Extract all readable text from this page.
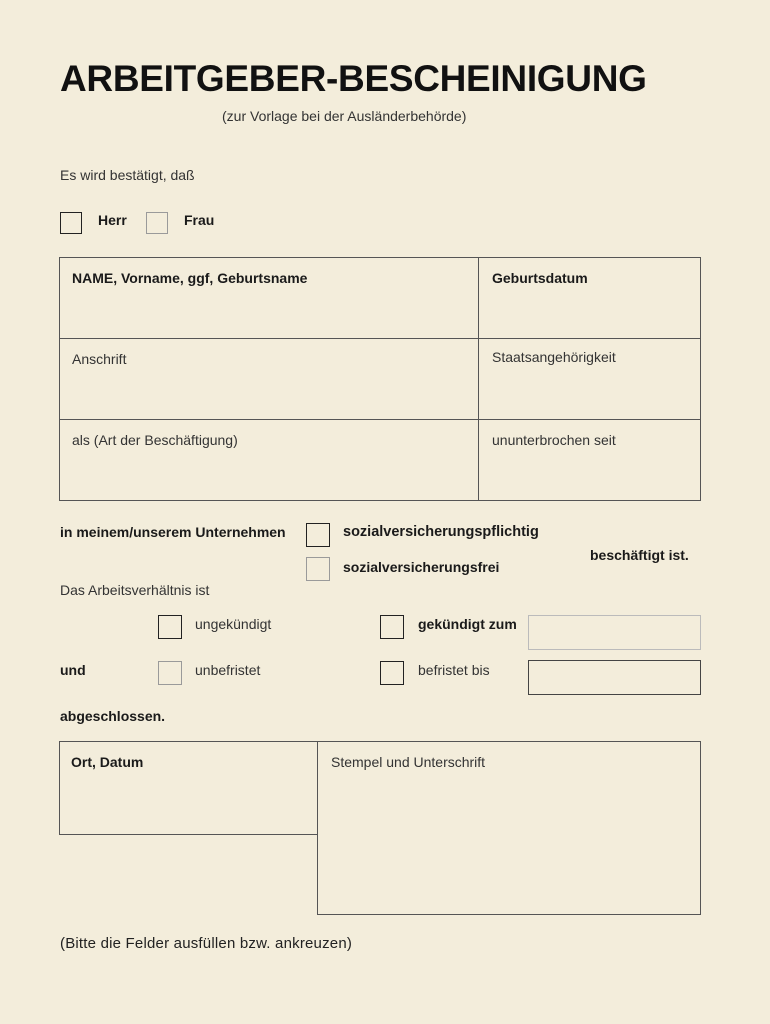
ARBEITGEBER-BESCHEINIGUNG
(zur Vorlage bei der Ausländerbehörde)
Es wird bestätigt, daß
Herr	Frau
NAME, Vorname, ggf, Geburtsname	Geburtsdatum
Anschrift	Staatsangehörigkeit
als (Art der Beschäftigung)	ununterbrochen seit
in meinem/unserem Unternehmen	sozialversicherungspflichtig
sozialversicherungsfrei
beschäftigt ist.
Das Arbeitsverhältnis ist
ungekündigt	gekündigt zum
und	unbefristet	befristet bis
abgeschlossen.
Ort, Datum	Stempel und Unterschrift
(Bitte die Felder ausfüllen bzw. ankreuzen)
